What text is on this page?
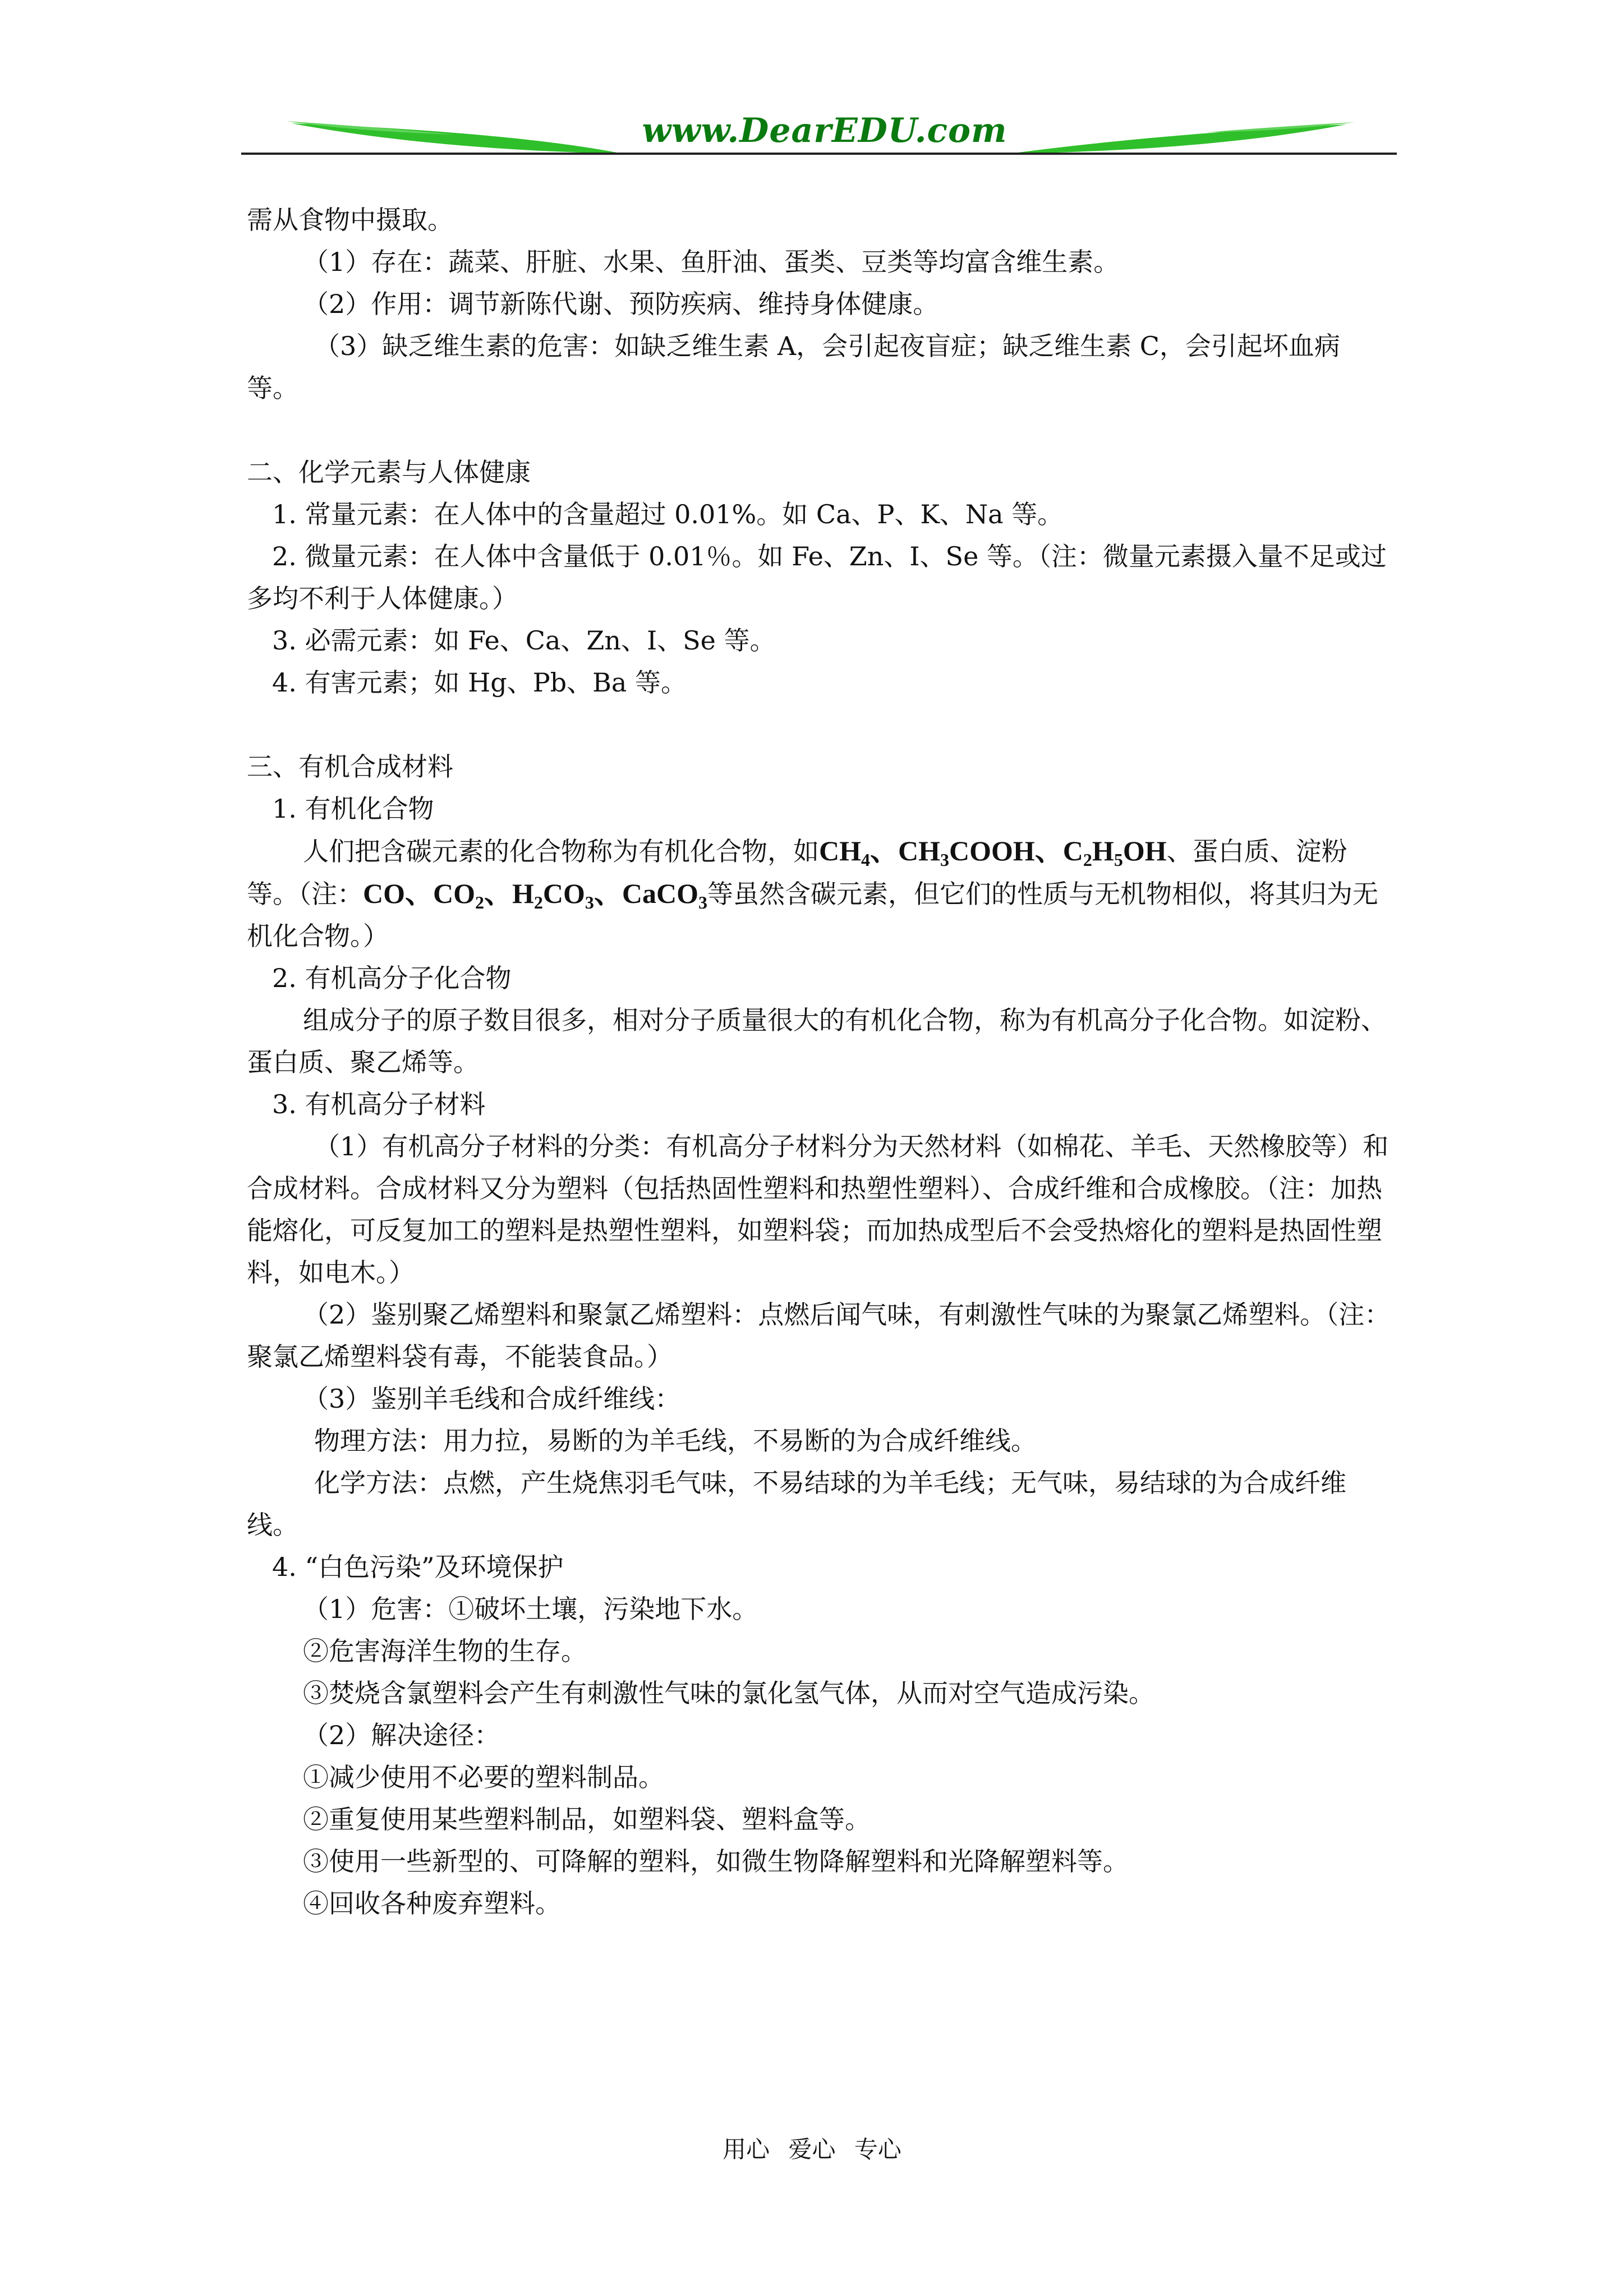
www.DearEDU.com

需从食物中摄取。

（1）存在：蔬菜、肝脏、水果、鱼肝油、蛋类、豆类等均富含维生素。

（2）作用：调节新陈代谢、预防疾病、维持身体健康。

（3）缺乏维生素的危害：如缺乏维生素 A，会引起夜盲症；缺乏维生素 C，会引起坏血病等。

二、化学元素与人体健康

1. 常量元素：在人体中的含量超过 0.01%。如 Ca、P、K、Na 等。

2. 微量元素：在人体中含量低于 0.01％。如 Fe、Zn、I、Se 等。（注：微量元素摄入量不足或过多均不利于人体健康。）

3. 必需元素：如 Fe、Ca、Zn、I、Se 等。

4. 有害元素；如 Hg、Pb、Ba 等。

三、有机合成材料

1. 有机化合物

人们把含碳元素的化合物称为有机化合物，如$CH_4$、$CH_3COOH$、$C_2H_5OH$、蛋白质、淀粉等。（注：CO、$CO_2$、$H_2CO_3$、CaCO$_3$等虽然含碳元素，但它们的性质与无机物相似，将其归为无机化合物。）

2. 有机高分子化合物

组成分子的原子数目很多，相对分子质量很大的有机化合物，称为有机高分子化合物。如淀粉、蛋白质、聚乙烯等。

3. 有机高分子材料

（1）有机高分子材料的分类：有机高分子材料分为天然材料（如棉花、羊毛、天然橡胶等）和合成材料。合成材料又分为塑料（包括热固性塑料和热塑性塑料）、合成纤维和合成橡胶。（注：加热能熔化，可反复加工的塑料是热塑性塑料，如塑料袋；而加热成型后不会受热熔化的塑料是热固性塑料，如电木。）

（2）鉴别聚乙烯塑料和聚氯乙烯塑料：点燃后闻气味，有刺激性气味的为聚氯乙烯塑料。（注：聚氯乙烯塑料袋有毒，不能装食品。）

（3）鉴别羊毛线和合成纤维线：

物理方法：用力拉，易断的为羊毛线，不易断的为合成纤维线。

化学方法：点燃，产生烧焦羽毛气味，不易结球的为羊毛线；无气味，易结球的为合成纤维线。

4. “白色污染”及环境保护

（1）危害：①破坏土壤，污染地下水。

②危害海洋生物的生存。

③焚烧含氯塑料会产生有刺激性气味的氯化氢气体，从而对空气造成污染。

（2）解决途径：

①减少使用不必要的塑料制品。

②重复使用某些塑料制品，如塑料袋、塑料盒等。

③使用一些新型的、可降解的塑料，如微生物降解塑料和光降解塑料等。

④回收各种废弃塑料。

用心 爱心 专心
